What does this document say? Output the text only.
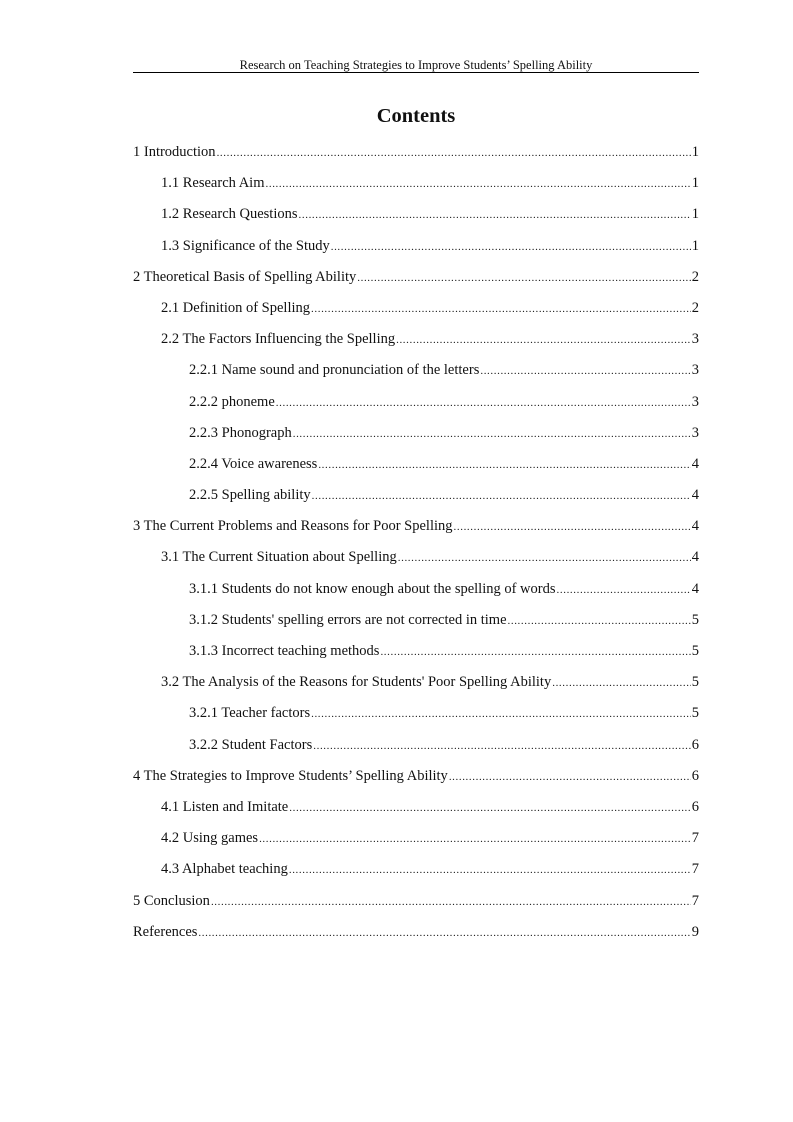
Research on Teaching Strategies to Improve Students’ Spelling Ability
Contents
1 Introduction .....	1
1.1 Research Aim .....	1
1.2 Research Questions .....	1
1.3 Significance of the Study .....	1
2 Theoretical Basis of Spelling Ability .....	2
2.1 Definition of Spelling .....	2
2.2 The Factors Influencing the Spelling .....	3
2.2.1 Name sound and pronunciation of the letters .....	3
2.2.2 phoneme .....	3
2.2.3 Phonograph .....	3
2.2.4 Voice awareness .....	4
2.2.5 Spelling ability .....	4
3 The Current Problems and Reasons for Poor Spelling .....	4
3.1 The Current Situation about Spelling .....	4
3.1.1 Students do not know enough about the spelling of words .....	4
3.1.2 Students' spelling errors are not corrected in time .....	5
3.1.3 Incorrect teaching methods .....	5
3.2 The Analysis of the Reasons for Students' Poor Spelling Ability .....	5
3.2.1 Teacher factors .....	5
3.2.2 Student Factors .....	6
4 The Strategies to Improve Students’ Spelling Ability .....	6
4.1 Listen and Imitate .....	6
4.2 Using games .....	7
4.3 Alphabet teaching .....	7
5 Conclusion .....	7
References .....	9
